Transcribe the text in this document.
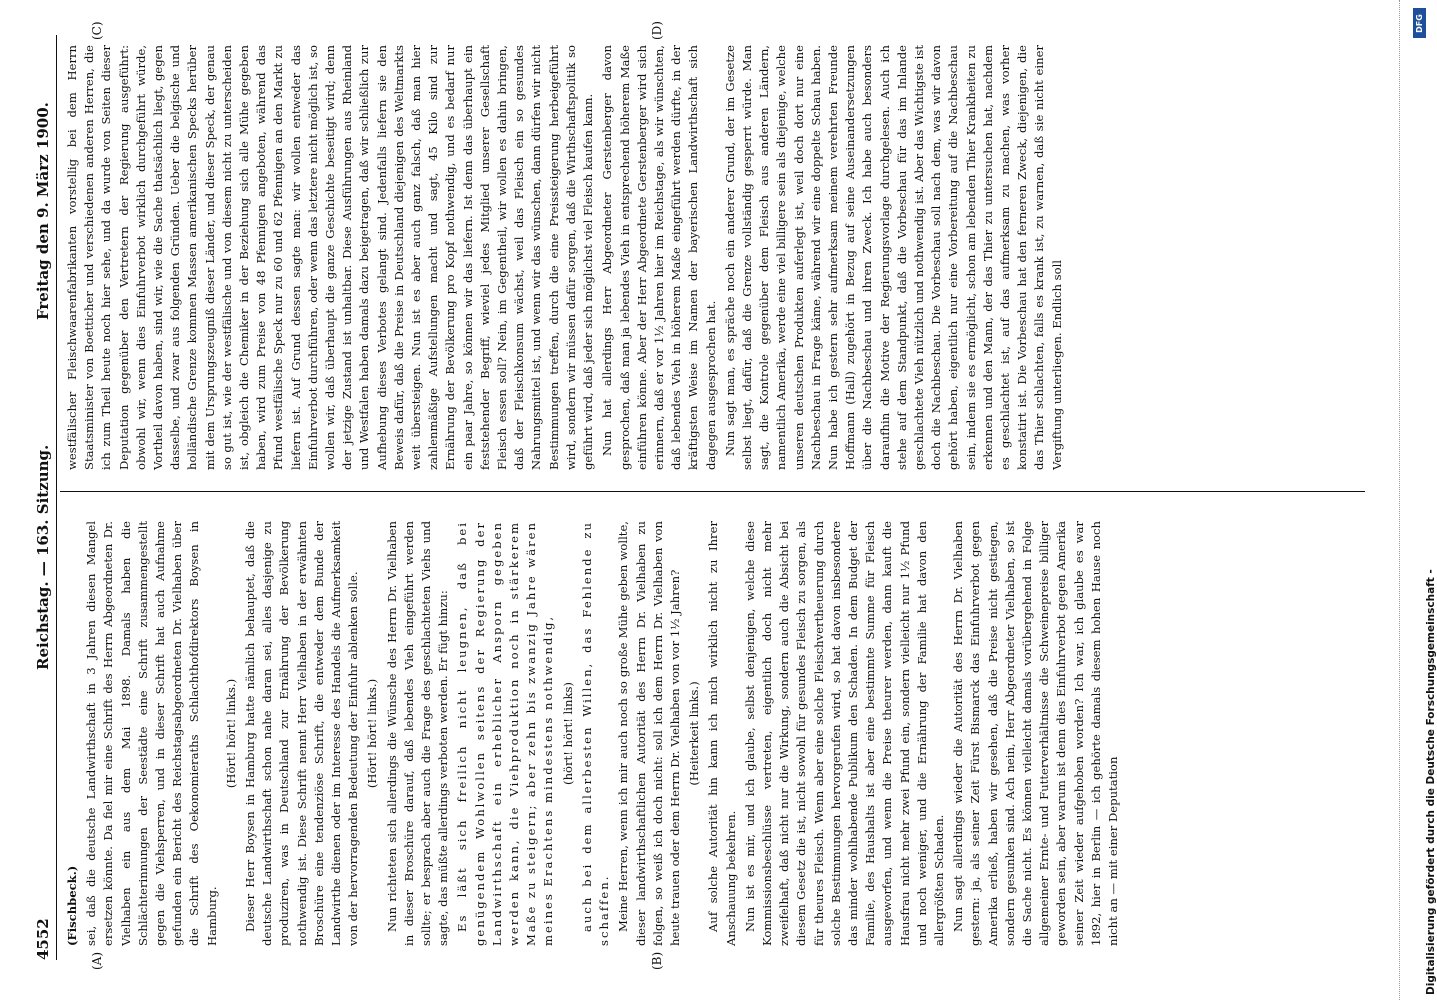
4552
Reichstag. — 163. Sitzung.
Freitag den 9. März 1900.
(A)	(B)
(C)	(D)

(Fischbeck.) sei, daß die deutsche Landwirthschaft in 3 Jahren diesen Mangel ersetzen könnte. Da fiel mir eine Schrift des Herrn Abgeordneten Dr. Vielhaben ein aus dem Mai 1898. Damals haben die Schlächterinnungen der Seestädte eine Schrift zusammengestellt gegen die Viehsperren, und in dieser Schrift hat auch Aufnahme gefunden ein Bericht des Reichstagsabgeordneten Dr. Vielhaben über die Schrift des Oekonomieraths Schlachthofdirektors Boysen in Hamburg.

(Hört! hört! links.) Dieser Herr Boysen in Hamburg hatte nämlich behauptet, daß die deutsche Landwirthschaft schon nahe daran sei, alles dasjenige zu produziren, was in Deutschland zur Ernährung der Bevölkerung nothwendig ist. Diese Schrift nennt Herr Vielhaben in der erwähnten Broschüre eine tendenziöse Schrift, die entweder dem Bunde der Landwirthe dienen oder im Interesse des Handels die Aufmerksamkeit von der hervorragenden Bedeutung der Einfuhr ablenken solle. (Hört! hört! links.) Nun richteten sich allerdings die Wünsche des Herrn Dr. Vielhaben in dieser Broschüre darauf, daß lebendes Vieh eingeführt werden sollte; er besprach aber auch die Frage des geschlachteten Viehs und sagte, das müßte allerdings verboten werden. Er fügt hinzu: Es läßt sich freilich nicht leugnen, daß bei genügendem Wohlwollen seitens der Regierung der Landwirthschaft ein erheblicher Ansporn gegeben werden kann, die Viehproduktion noch in stärkerem Maße zu steigern; aber zehn bis zwanzig Jahre wären meines Erachtens mindestens nothwendig, (hört! hört! links) auch bei dem allerbesten Willen, das Fehlende zu schaffen. Meine Herren, wenn ich mir auch noch so große Mühe geben wollte, dieser landwirthschaftlichen Autorität des Herrn Dr. Vielhaben zu folgen, so weiß ich doch nicht: soll ich dem Herrn Dr. Vielhaben von heute trauen oder dem Herrn Dr. Vielhaben von vor 1½ Jahren? (Heiterkeit links.) Auf solche Autorität hin kann ich mich wirklich nicht zu Ihrer Anschauung bekehren. Nun ist es mir, und ich glaube, selbst denjenigen, welche diese Kommissionsbeschlüsse vertreten, eigentlich doch nicht mehr zweifelhaft, daß nicht nur die Wirkung, sondern auch die Absicht bei diesem Gesetz die ist, nicht sowohl für gesundes Fleisch zu sorgen, als für theures Fleisch. Wenn aber eine solche Fleischvertheuerung durch solche Bestimmungen hervorgerufen wird, so hat davon insbesondere das minder wohlhabende Publikum den Schaden. In dem Budget der Familie, des Haushalts ist aber eine bestimmte Summe für Fleisch ausgeworfen, und wenn die Preise theurer werden, dann kauft die Hausfrau nicht mehr zwei Pfund ein, sondern vielleicht nur 1½ Pfund und noch weniger, und die Ernährung der Familie hat davon den allergrößten Schaden. Nun sagt allerdings wieder die Autorität des Herrn Dr. Vielhaben gestern: ja, als seiner Zeit Fürst Bismarck das Einfuhrverbot gegen Amerika erließ, haben wir gesehen, daß die Preise nicht gestiegen, sondern gesunken sind. Ach nein, Herr Abgeordneter Vielhaben, so ist die Sache nicht. Es können vielleicht damals vorübergehend in Folge allgemeiner Ernte- und Futterverhältnisse die Schweinepreise billiger geworden sein, aber warum ist denn dies Einfuhrverbot gegen Amerika seiner Zeit wieder aufgehoben worden? Ich war, ich glaube es war 1892, hier in Berlin — ich gehörte damals diesem hohen Hause noch nicht an — mit einer Deputation

westfälischer Fleischwaarenfabrikanten vorstellig bei dem Herrn Staatsminister von Boetticher und verschiedenen anderen Herren, die ich zum Theil heute noch hier sehe, und da wurde von Seiten dieser Deputation gegenüber den Vertretern der Regierung ausgeführt: obwohl wir, wenn dies Einfuhrverbot wirklich durchgeführt würde, Vortheil davon haben, sind wir, wie die Sache thatsächlich liegt, gegen dasselbe, und zwar aus folgenden Gründen. Ueber die belgische und holländische Grenze kommen Massen amerikanischen Specks herüber mit dem Ursprungszeugniß dieser Länder, und dieser Speck, der genau so gut ist, wie der westfälische und von diesem nicht zu unterscheiden ist, obgleich die Chemiker in der Beziehung sich alle Mühe gegeben haben, wird zum Preise von 48 Pfennigen angeboten, während das Pfund westfälische Speck nur zu 60 und 62 Pfennigen an den Markt zu liefern ist. Auf Grund dessen sagte man: wir wollen entweder das Einfuhrverbot durchführen, oder wenn das letztere nicht möglich ist, so wollen wir, daß überhaupt die ganze Geschichte beseitigt wird; denn der jetzige Zustand ist unhaltbar. Diese Ausführungen aus Rheinland und Westfalen haben damals dazu beigetragen, daß wir schließlich zur Aufhebung dieses Verbotes gelangt sind. Jedenfalls liefern sie den Beweis dafür, daß die Preise in Deutschland diejenigen des Weltmarkts weit übersteigen. Nun ist es aber auch ganz falsch, daß man hier zahlenmäßige Aufstellungen macht und sagt, 45 Kilo sind zur Ernährung der Bevölkerung pro Kopf nothwendig, und es bedarf nur ein paar Jahre, so können wir das liefern. Ist denn das überhaupt ein feststehender Begriff, wieviel jedes Mitglied unserer Gesellschaft Fleisch essen soll? Nein, im Gegentheil, wir wollen es dahin bringen, daß der Fleischkonsum wächst, weil das Fleisch ein so gesundes Nahrungsmittel ist, und wenn wir das wünschen, dann dürfen wir nicht Bestimmungen treffen, durch die eine Preissteigerung herbeigeführt wird, sondern wir müssen dafür sorgen, daß die Wirthschaftspolitik so geführt wird, daß jeder sich möglichst viel Fleisch kaufen kann. Nun hat allerdings Herr Abgeordneter Gerstenberger davon gesprochen, daß man ja lebendes Vieh in entsprechend höherem Maße einführen könne. Aber der Herr Abgeordnete Gerstenberger wird sich erinnern, daß er vor 1½ Jahren hier im Reichstage, als wir wünschten, daß lebendes Vieh in höherem Maße eingeführt werden dürfte, in der kräftigsten Weise im Namen der bayerischen Landwirthschaft sich dagegen ausgesprochen hat. Nun sagt man, es spräche noch ein anderer Grund, der im Gesetze selbst liegt, dafür, daß die Grenze vollständig gesperrt würde. Man sagt, die Kontrole gegenüber dem Fleisch aus anderen Ländern, namentlich Amerika, werde eine viel billigere sein als diejenige, welche unseren deutschen Produkten auferlegt ist, weil doch dort nur eine Nachbeschau in Frage käme, während wir eine doppelte Schau haben. Nun habe ich gestern sehr aufmerksam meinem verehrten Freunde Hoffmann (Hall) zugehört in Bezug auf seine Auseinandersetzungen über die Nachbeschau und ihren Zweck. Ich habe auch besonders daraufhin die Motive der Regierungsvorlage durchgelesen. Auch ich stehe auf dem Standpunkt, daß die Vorbeschau für das im Inlande geschlachtete Vieh nützlich und nothwendig ist. Aber das Wichtigste ist doch die Nachbeschau. Die Vorbeschau soll nach dem, was wir davon gehört haben, eigentlich nur eine Vorbereitung auf die Nachbeschau sein, indem sie es ermöglicht, schon am lebenden Thier Krankheiten zu erkennen und den Mann, der das Thier zu untersuchen hat, nachdem es geschlachtet ist, auf das aufmerksam zu machen, was vorher konstatirt ist. Die Vorbeschau hat den ferneren Zweck, diejenigen, die das Thier schlachten, falls es krank ist, zu warnen, daß sie nicht einer Vergiftung unterliegen. Endlich soll

Digitalisierung gefördert durch die Deutsche Forschungsgemeinschaft -
DFG
